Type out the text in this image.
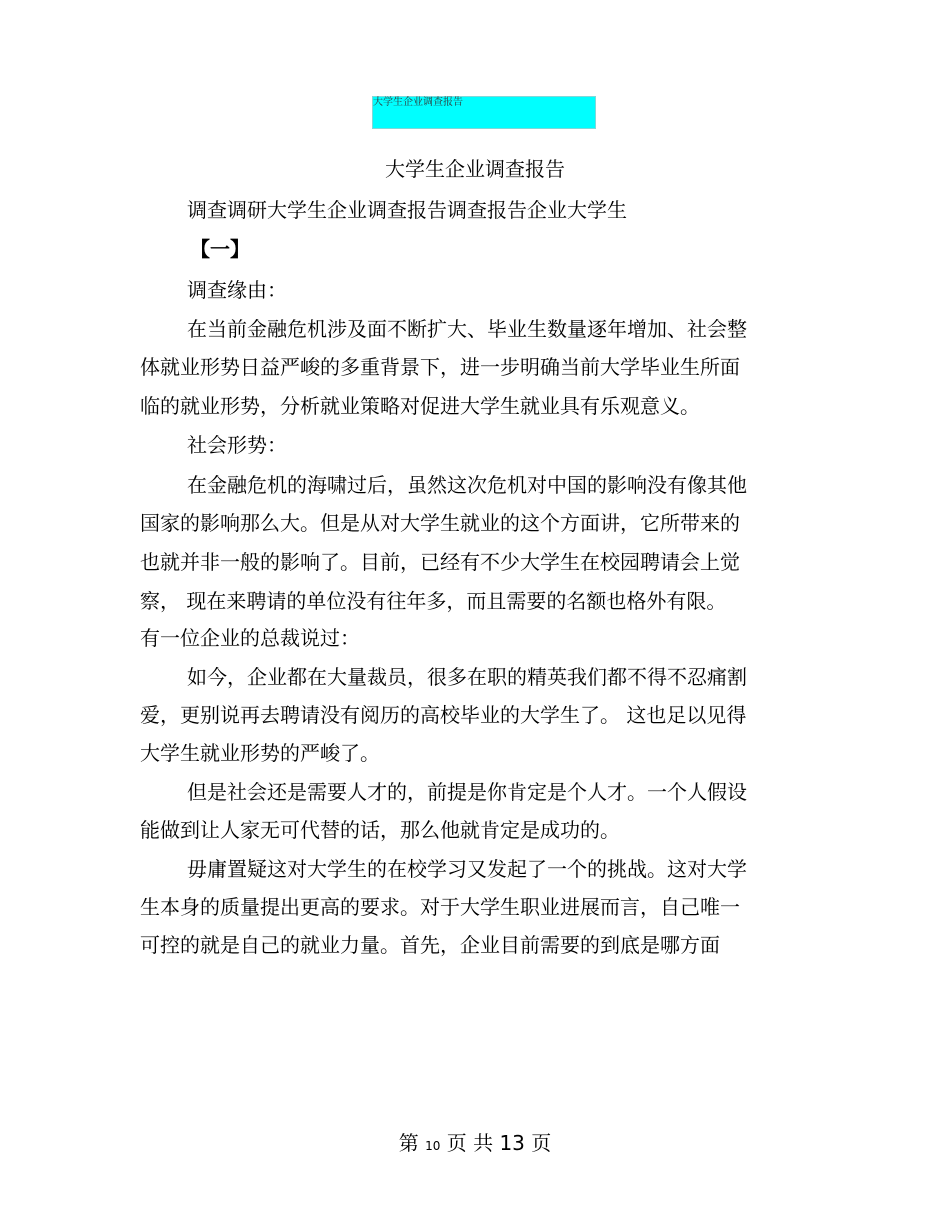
大学生企业调查报告
大学生企业调查报告
调查调研大学生企业调查报告调查报告企业大学生
【一】
调查缘由：
在当前金融危机涉及面不断扩大、毕业生数量逐年增加、社会整
体就业形势日益严峻的多重背景下，进一步明确当前大学毕业生所面
临的就业形势，分析就业策略对促进大学生就业具有乐观意义。
社会形势：
在金融危机的海啸过后，虽然这次危机对中国的影响没有像其他
国家的影响那么大。但是从对大学生就业的这个方面讲，它所带来的
也就并非一般的影响了。目前，已经有不少大学生在校园聘请会上觉
察， 现在来聘请的单位没有往年多，而且需要的名额也格外有限。
有一位企业的总裁说过：
如今，企业都在大量裁员，很多在职的精英我们都不得不忍痛割
爱，更别说再去聘请没有阅历的高校毕业的大学生了。 这也足以见得
大学生就业形势的严峻了。
但是社会还是需要人才的，前提是你肯定是个人才。一个人假设
能做到让人家无可代替的话，那么他就肯定是成功的。
毋庸置疑这对大学生的在校学习又发起了一个的挑战。这对大学
生本身的质量提出更高的要求。对于大学生职业进展而言，自己唯一
可控的就是自己的就业力量。首先，企业目前需要的到底是哪方面
第 10 页 共 13 页
